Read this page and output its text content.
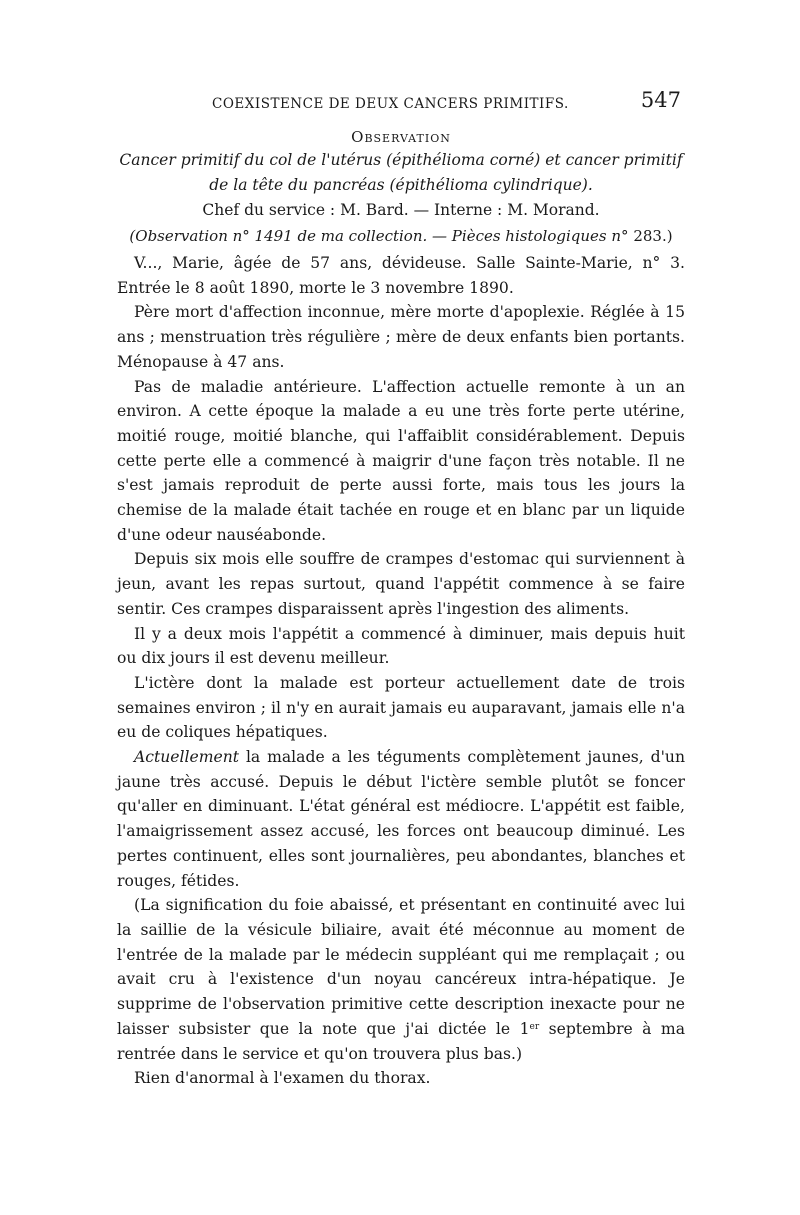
COEXISTENCE DE DEUX CANCERS PRIMITIFS.	547
Observation

Cancer primitif du col de l'utérus (épithélioma corné) et cancer primitif de la tête du pancréas (épithélioma cylindrique).

Chef du service : M. Bard. — Interne : M. Morand.

(Observation n° 1491 de ma collection. — Pièces histologiques n° 283.)

V..., Marie, âgée de 57 ans, dévideuse. Salle Sainte-Marie, n° 3. Entrée le 8 août 1890, morte le 3 novembre 1890.

Père mort d'affection inconnue, mère morte d'apoplexie. Réglée à 15 ans ; menstruation très régulière ; mère de deux enfants bien portants. Ménopause à 47 ans.

Pas de maladie antérieure. L'affection actuelle remonte à un an environ. A cette époque la malade a eu une très forte perte utérine, moitié rouge, moitié blanche, qui l'affaiblit considérablement. Depuis cette perte elle a commencé à maigrir d'une façon très notable. Il ne s'est jamais reproduit de perte aussi forte, mais tous les jours la chemise de la malade était tachée en rouge et en blanc par un liquide d'une odeur nauséabonde.

Depuis six mois elle souffre de crampes d'estomac qui surviennent à jeun, avant les repas surtout, quand l'appétit commence à se faire sentir. Ces crampes disparaissent après l'ingestion des aliments.

Il y a deux mois l'appétit a commencé à diminuer, mais depuis huit ou dix jours il est devenu meilleur.

L'ictère dont la malade est porteur actuellement date de trois semaines environ ; il n'y en aurait jamais eu auparavant, jamais elle n'a eu de coliques hépatiques.

Actuellement la malade a les téguments complètement jaunes, d'un jaune très accusé. Depuis le début l'ictère semble plutôt se foncer qu'aller en diminuant. L'état général est médiocre. L'appétit est faible, l'amaigrissement assez accusé, les forces ont beaucoup diminué. Les pertes continuent, elles sont journalières, peu abondantes, blanches et rouges, fétides.

(La signification du foie abaissé, et présentant en continuité avec lui la saillie de la vésicule biliaire, avait été méconnue au moment de l'entrée de la malade par le médecin suppléant qui me remplaçait ; ou avait cru à l'existence d'un noyau cancéreux intra-hépatique. Je supprime de l'observation primitive cette description inexacte pour ne laisser subsister que la note que j'ai dictée le 1er septembre à ma rentrée dans le service et qu'on trouvera plus bas.)

Rien d'anormal à l'examen du thorax.
